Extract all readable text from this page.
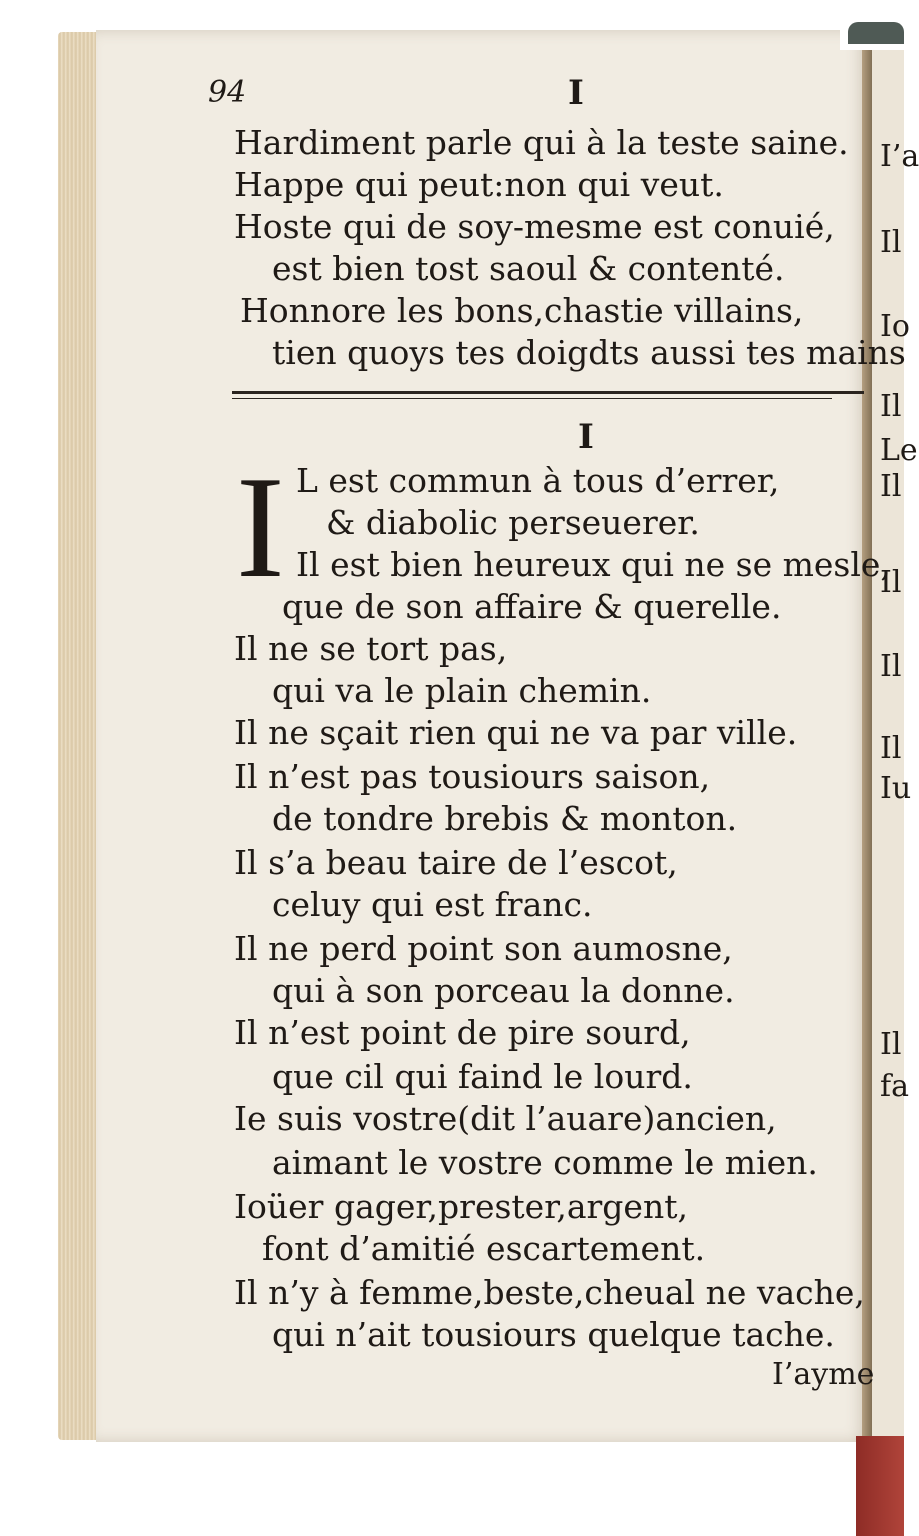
94	I
Hardiment parle qui à la teste saine.
Happe qui peut:non qui veut.
Hoste qui de soy-mesme est conuié,
est bien tost saoul & contenté.
Honnore les bons,chastie villains,
tien quoys tes doigdts aussi tes mains
I
I L est commun à tous d’errer,
& diabolic perseuerer.
Il est bien heureux qui ne se mesle,
que de son affaire & querelle.
Il ne se tort pas,
qui va le plain chemin.
Il ne sçait rien qui ne va par ville.
Il n’est pas tousiours saison,
de tondre brebis & monton.
Il s’a beau taire de l’escot,
celuy qui est franc.
Il ne perd point son aumosne,
qui à son porceau la donne.
Il n’est point de pire sourd,
que cil qui faind le lourd.
Ie suis vostre(dit l’auare)ancien,
aimant le vostre comme le mien.
Ioüer gager,prester,argent,
font d’amitié escartement.
Il n’y à femme,beste,cheual ne vache,
qui n’ait tousiours quelque tache.
I’ayme
I’a
Il
Io
Il
Le
Il
Il
Il
Il
Iu
Il
fa
